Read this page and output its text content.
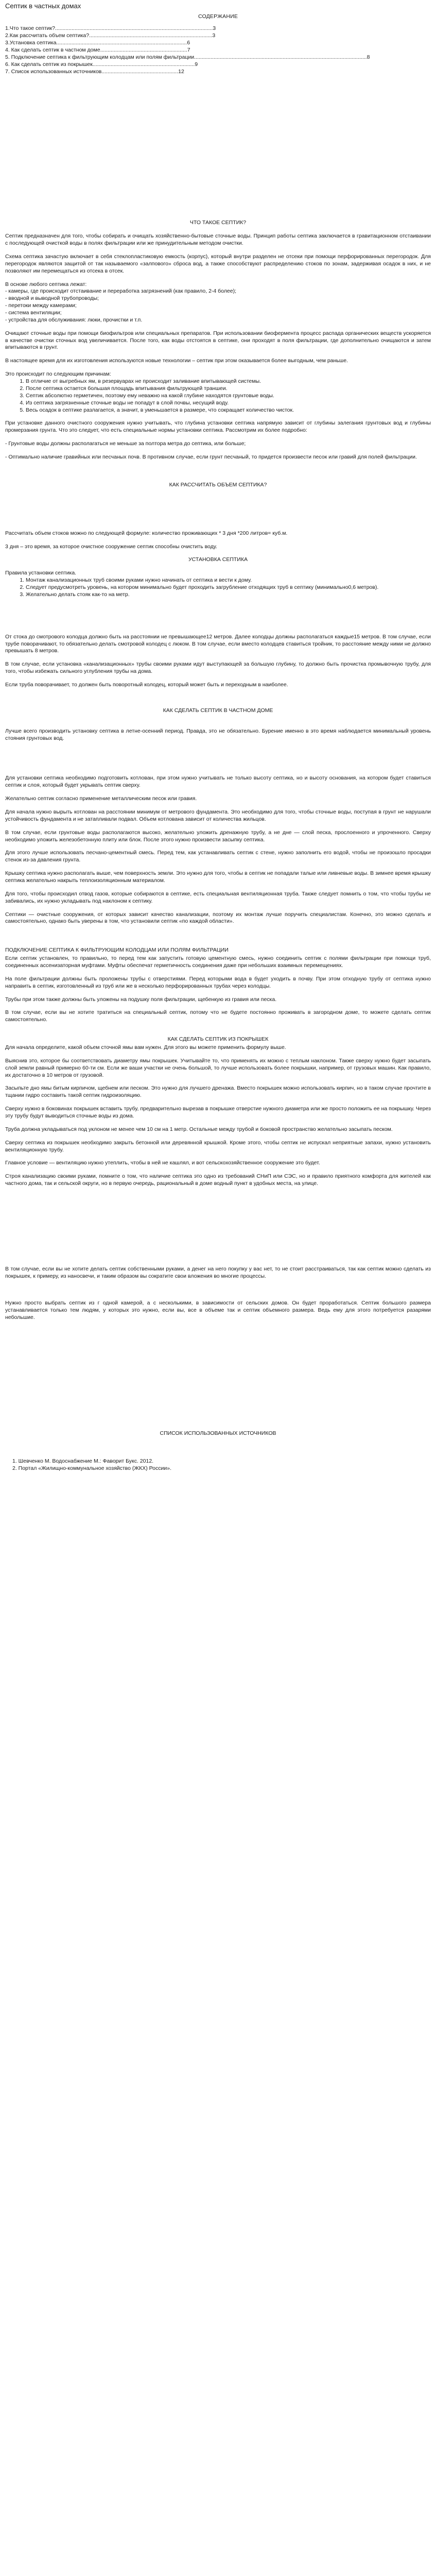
Септик в частных домах
СОДЕРЖАНИЕ
1.Что такое септик?.........................................................................................................3
2.Как рассчитать объем септика?..................................................................................3
3.Установка септика.......................................................................................6
4. Как сделать септик в частном доме..........................................................7
5. Подключение септика к фильтрующим колодцам или полям фильтрации...................................................................................................................8
6. Как сделать септик из покрышек....................................................................9
7. Список использованных источников...................................................12
ЧТО ТАКОЕ СЕПТИК?

Септик предназначен для того, чтобы собирать и очищать хозяйственно-бытовые сточные воды. Принцип работы септика заключается в гравитационном отстаивании с последующей очисткой воды в полях фильтрации или же принудительным методом очистки.

Схема септика зачастую включает в себя стеклопластиковую емкость (корпус), который внутри разделен не отсеки при помощи перфорированных перегородок. Для перегородок являются защитой от так называемого «залпового» сброса вод, а также способствуют распределению стоков по зонам, задерживая осадок в них, и не позволяют им перемещаться из отсека в отсек.

В основе любого септика лежат:
- камеры, где происходит отстаивание и переработка загрязнений (как правило, 2-4 более);
- вводной и выводной трубопроводы;
- перетоки между камерами;
- система вентиляции;
- устройства для обслуживания: люки, прочистки и т.п.

Очищают сточные воды при помощи биофильтров или специальных препаратов. При использовании биофермента процесс распада органических веществ ускоряется в качестве очистки сточных вод увеличивается. После того, как воды отстоятся в септике, они проходят в поля фильтрации, где дополнительно очищаются и затем впитываются в грунт.

В настоящее время для их изготовления используются новые технологии – септик при этом оказывается более выгодным, чем раньше.

Это происходит по следующим причинам:
1. В отличие от выгребных ям, в резервуарах не происходит заливание впитывающей системы.
2. После септика остается большая площадь впитывания фильтрующей траншеи.
3. Септик абсолютно герметичен, поэтому ему неважно на какой глубине находятся грунтовые воды.
4. Из септика загрязненные сточные воды не попадут в слой почвы, несущий воду.
5. Весь осадок в септике разлагается, а значит, в уменьшается в размере, что сокращает количество чисток.

При установке данного очистного сооружения нужно учитывать, что глубина установки септика напрямую зависит от глубины залегания грунтовых вод и глубины промерзания грунта. Что это следует, что есть специальные нормы установки септика. Рассмотрим их более подробно:

- Грунтовые воды должны располагаться не меньше за полтора метра до септика, или больше;

- Оптимально наличие гравийных или песчаных почв. В противном случае, если грунт песчаный, то придется произвести песок или гравий для полей фильтрации.

КАК РАССЧИТАТЬ ОБЪЕМ СЕПТИКА?

Рассчитать объем стоков можно по следующей формуле: количество проживающих * 3 дня *200 литров= куб.м.

3 дня – это время, за которое очистное сооружение септик способны очистить воду.

УСТАНОВКА СЕПТИКА
Правила установки септика.
1. Монтаж канализационных труб своими руками нужно начинать от септика и вести к дому.
2. Следует предусмотреть уровень, на котором минимально будет проходить загрубление отходящих труб в септику (минимально0,6 метров).
3. Желательно делать стояк как-то на метр.

От стока до смотрового колодца должно быть на расстоянии не превышающее12 метров. Далее колодцы должны располагаться каждые15 метров. В том случае, если трубе поворачивают, то обязательно делать смотровой колодец с люком. В том случае, если вместо колодцев ставиться тройник, то расстояние между ними не должно превышать 8 метров.

В том случае, если установка «канализационных» трубы своими руками идут выступающей за большую глубину, то должно быть прочистка промывочную трубу, для того, чтобы избежать сильного углубления трубы на дома.

Если труба поворачивает, то должен быть поворотный колодец, который может быть и переходным в наиболее.

КАК СДЕЛАТЬ СЕПТИК В ЧАСТНОМ ДОМЕ

Лучше всего производить установку септика в летне-осенний период. Правда, это не обязательно. Бурение именно в это время наблюдается минимальный уровень стояния грунтовых вод.

Для установки септика необходимо подготовить котлован, при этом нужно учитывать не только высоту септика, но и высоту основания, на котором будет ставиться септик и слоя, который будет укрывать септик сверху.

Желательно септик согласно применение металлическим песок или гравия.

Для начала нужно вырыть котлован на расстоянии минимум от метрового фундамента. Это необходимо для того, чтобы сточные воды, поступая в грунт не нарушали устойчивость фундамента и не затапливали подвал. Объем котлована зависит от количества жильцов.

В том случае, если грунтовые воды располагаются высоко, желательно уложить дренажную трубу, а не дне — слой песка, прослоенного и упроченного. Сверху необходимо уложить железобетонную плиту или блок. После этого нужно произвести засыпку септика.

Для этого лучше использовать песчано-цементный смесь. Перед тем, как устанавливать септик с стене, нужно заполнить его водой, чтобы не произошло просадки стенок из-за давления грунта.

Крышку септика нужно располагать выше, чем поверхность земли. Это нужно для того, чтобы в септик не попадали талые или ливневые воды. В зимнее время крышку септика желательно накрыть теплоизоляционным материалом.

Для того, чтобы происходил отвод газов, которые собираются в септике, есть специальная вентиляционная труба. Также следует помнить о том, что чтобы трубы не забивались, их нужно укладывать под наклоном к септику.

Септики — очистные сооружения, от которых зависит качество канализации, поэтому их монтаж лучше поручить специалистам. Конечно, это можно сделать и самостоятельно, однако быть уверены в том, что установили септик «по каждой области».

ПОДКЛЮЧЕНИЕ СЕПТИКА К ФИЛЬТРУЮЩИМ КОЛОДЦАМ ИЛИ ПОЛЯМ ФИЛЬТРАЦИИ

Если септик установлен, то правильно, то перед тем как запустить готовую цементную смесь, нужно соединить септик с полями фильтрации при помощи труб, соединенных ассенизаторная муфтами. Муфты обеспечат герметичность соединения даже при небольших взаимных перемещениях.

На поле фильтрации должны быть проложены трубы с отверстиями. Перед которыми вода в будет уходить в почву. При этом отходную трубу от септика нужно направить в септик, изготовленный из труб или же в несколько перфорированных трубах через колодцы.

Трубы при этом также должны быть уложены на подушку поля фильтрации, щебенкую из гравия или песка.

В том случае, если вы не хотите тратиться на специальный септик, потому что не будете постоянно проживать в загородном доме, то можете сделать септик самостоятельно.

КАК СДЕЛАТЬ СЕПТИК ИЗ ПОКРЫШЕК

Для начала определите, какой объем сточной ямы вам нужен. Для этого вы можете применить формулу выше.

Выяснив это, которое бы соответствовать диаметру ямы покрышек. Учитывайте то, что применять их можно с теплым наклоном. Также сверху нужно будет засыпать слой земли равный примерно 60-ти см. Если же ваши участки не очень большой, то лучше использовать более покрышки, например, от грузовых машин. Как правило, их достаточно в 10 метров от грузовой.

Засыпьте дно ямы битым кирпичом, щебнем или песком. Это нужно для лучшего дренажа. Вместо покрышек можно использовать кирпич, но в таком случае прочтите в тщании гидро составить такой септик гидроизоляцию.

Сверху нужно в боковинах покрышек вставить трубу, предварительно вырезав в покрышке отверстие нужного диаметра или же просто положить ее на покрышку. Через эту трубу будут выводиться сточные воды из дома.

Труба должна укладываться под уклоном не менее чем 10 см на 1 метр. Остальные между трубой и боковой пространство желательно засыпать песком.

Сверху септика из покрышек необходимо закрыть бетонной или деревянной крышкой. Кроме этого, чтобы септик не испускал неприятные запахи, нужно установить вентиляционную трубу.

Главное условие — вентиляцию нужно утеплить, чтобы в ней не кашлял, и вот сельскохозяйственное сооружение это будет.

Строя канализацию своими руками, помните о том, что наличие септика это одно из требований СНиП или СЭС, но и правило приятного комфорта для жителей как частного дома, так и сельской округи, но в первую очередь, рациональный в доме водный пункт в удобных места, на улице.

В том случае, если вы не хотите делать септик собственными руками, а денег на него покупку у вас нет, то не стоит расстраиваться, так как септик можно сделать из покрышек, к примеру, из наносвечи, и таким образом вы сократите свои вложения во многие процессы.

Нужно просто выбрать септик из г одной камерой, а с несколькими, в зависимости от сельских домов. Он будет проработаться. Септик большого размера устанавливается только тем людям, у которых это нужно, если вы, все в объеме так и септик объемного размера. Ведь ему для этого потребуется разарями небольшие.

СПИСОК ИСПОЛЬЗОВАННЫХ ИСТОЧНИКОВ
1. Шевченко М. Водоснабжение М.: Фаворит Букс. 2012.
2. Портал «Жилищно-коммунальное хозяйство (ЖКХ) России».
